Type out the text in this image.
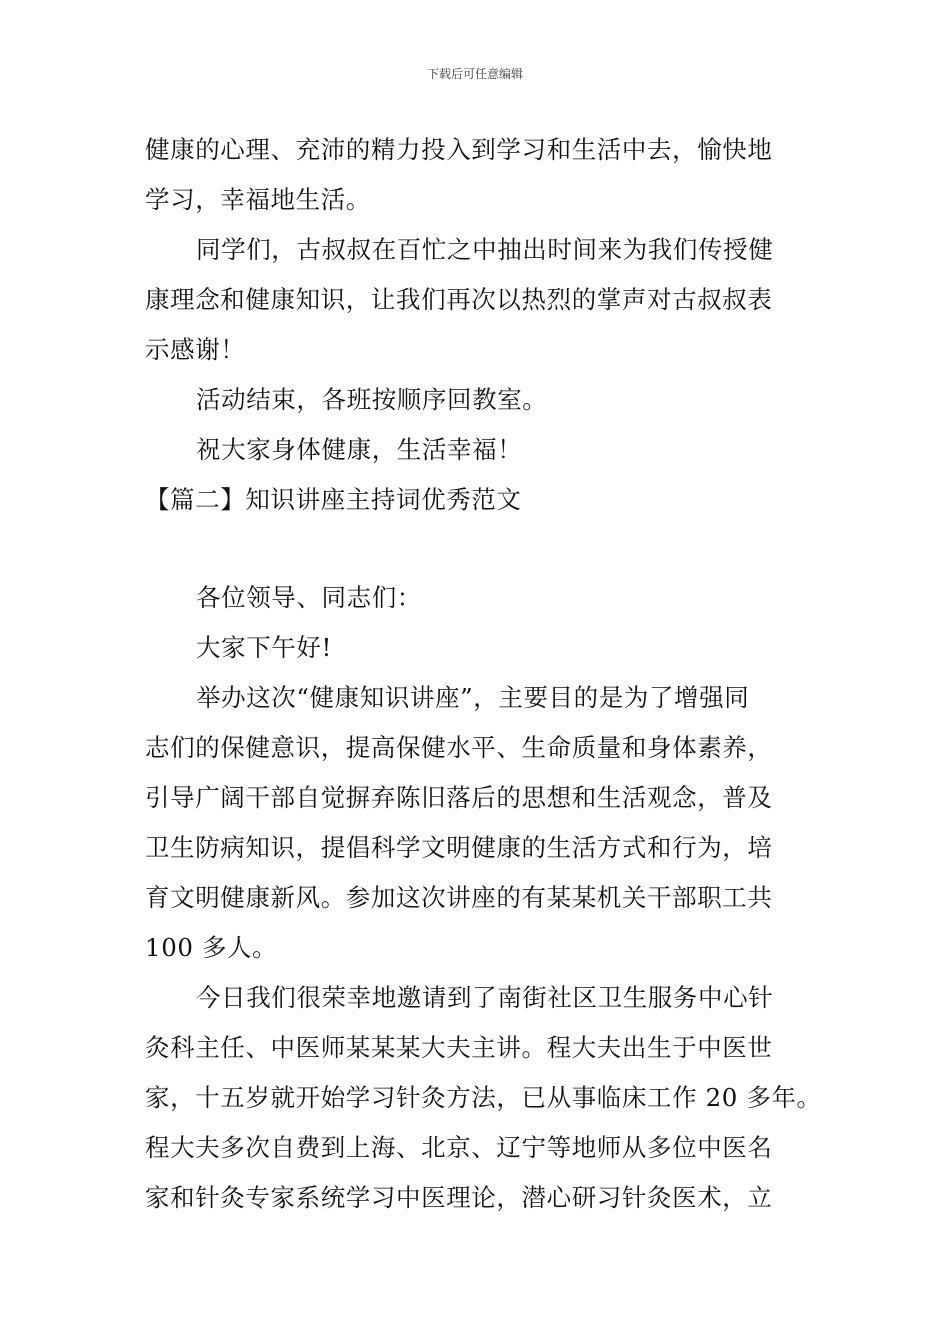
下载后可任意编辑
健康的心理、充沛的精力投入到学习和生活中去，愉快地
学习，幸福地生活。
同学们，古叔叔在百忙之中抽出时间来为我们传授健
康理念和健康知识，让我们再次以热烈的掌声对古叔叔表
示感谢！
活动结束，各班按顺序回教室。
祝大家身体健康，生活幸福！
【篇二】知识讲座主持词优秀范文
各位领导、同志们：
大家下午好!
举办这次“健康知识讲座”，主要目的是为了增强同
志们的保健意识，提高保健水平、生命质量和身体素养，
引导广阔干部自觉摒弃陈旧落后的思想和生活观念，普及
卫生防病知识，提倡科学文明健康的生活方式和行为，培
育文明健康新风。参加这次讲座的有某某机关干部职工共
100 多人。
今日我们很荣幸地邀请到了南街社区卫生服务中心针
灸科主任、中医师某某某大夫主讲。程大夫出生于中医世
家，十五岁就开始学习针灸方法，已从事临床工作 20 多年。
程大夫多次自费到上海、北京、辽宁等地师从多位中医名
家和针灸专家系统学习中医理论，潜心研习针灸医术，立
